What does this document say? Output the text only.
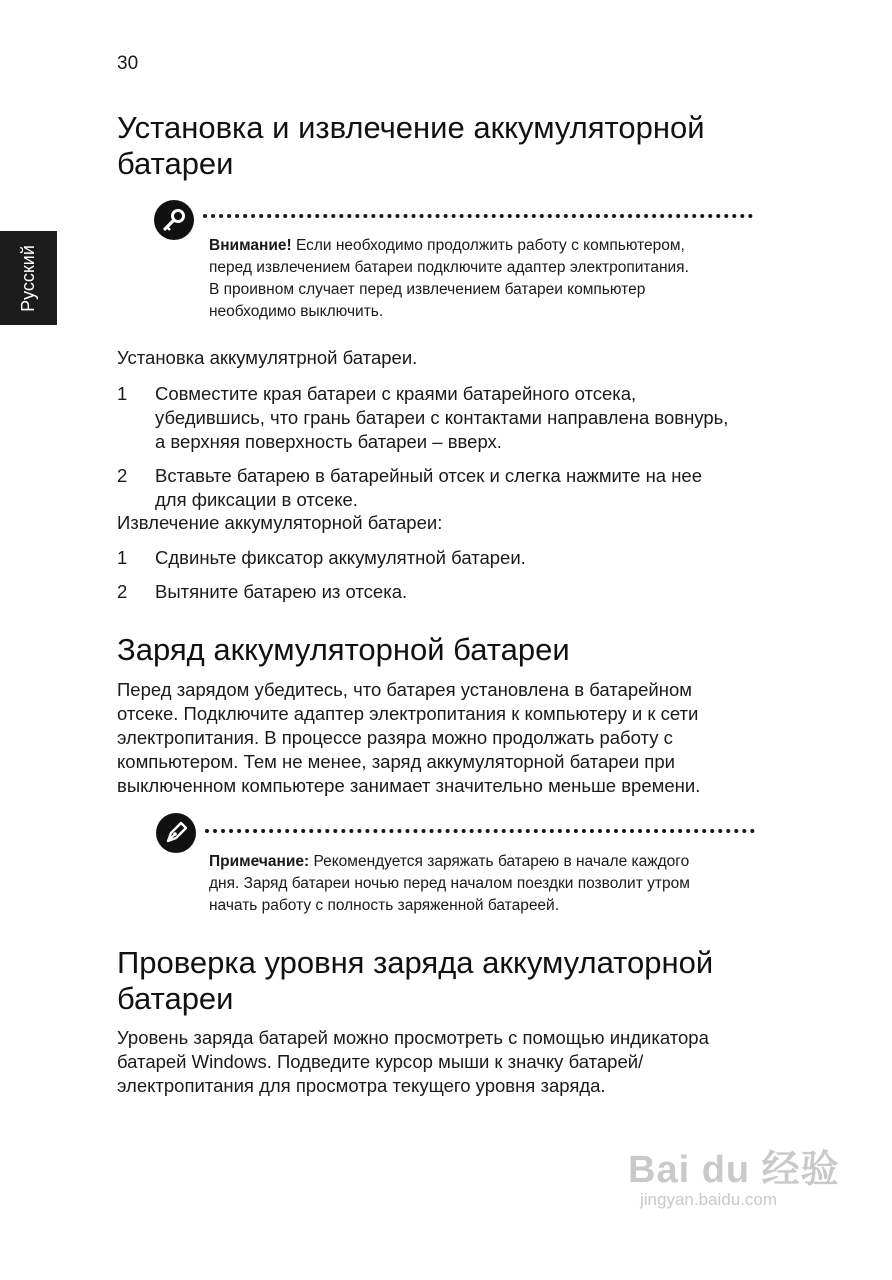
30
Русский
Установка и извлечение аккумуляторной
батареи
Внимание! Если необходимо продолжить работу с компьютером,
перед извлечением батареи подключите адаптер электропитания.
В проивном случает перед извлечением батареи компьютер
необходимо выключить.
Установка аккумулятрной батареи.
1 Совместите края батареи с краями батарейного отсека,
убедившись, что грань батареи с контактами направлена вовнурь,
а верхняя поверхность батареи – вверх.
2 Вставьте батарею в батарейный отсек и слегка нажмите на нее
для фиксации в отсеке.
Извлечение аккумуляторной батареи:
1 Сдвиньте фиксатор аккумулятной батареи.
2 Вытяните батарею из отсека.
Заряд аккумуляторной батареи
Перед зарядом убедитесь, что батарея установлена в батарейном
отсеке. Подключите адаптер электропитания к компьютеру и к сети
электропитания. В процессе разяра можно продолжать работу с
компьютером. Тем не менее, заряд аккумуляторной батареи при
выключенном компьютере занимает значительно меньше времени.
Примечание: Рекомендуется заряжать батарею в начале каждого
дня. Заряд батареи ночью перед началом поездки позволит утром
начать работу с полность заряженной батареей.
Проверка уровня заряда аккумулаторной
батареи
Уровень заряда батарей можно просмотреть с помощью индикатора
батарей Windows. Подведите курсор мыши к значку батарей/
электропитания для просмотра текущего уровня заряда.
Bai du 经验
jingyan.baidu.com
